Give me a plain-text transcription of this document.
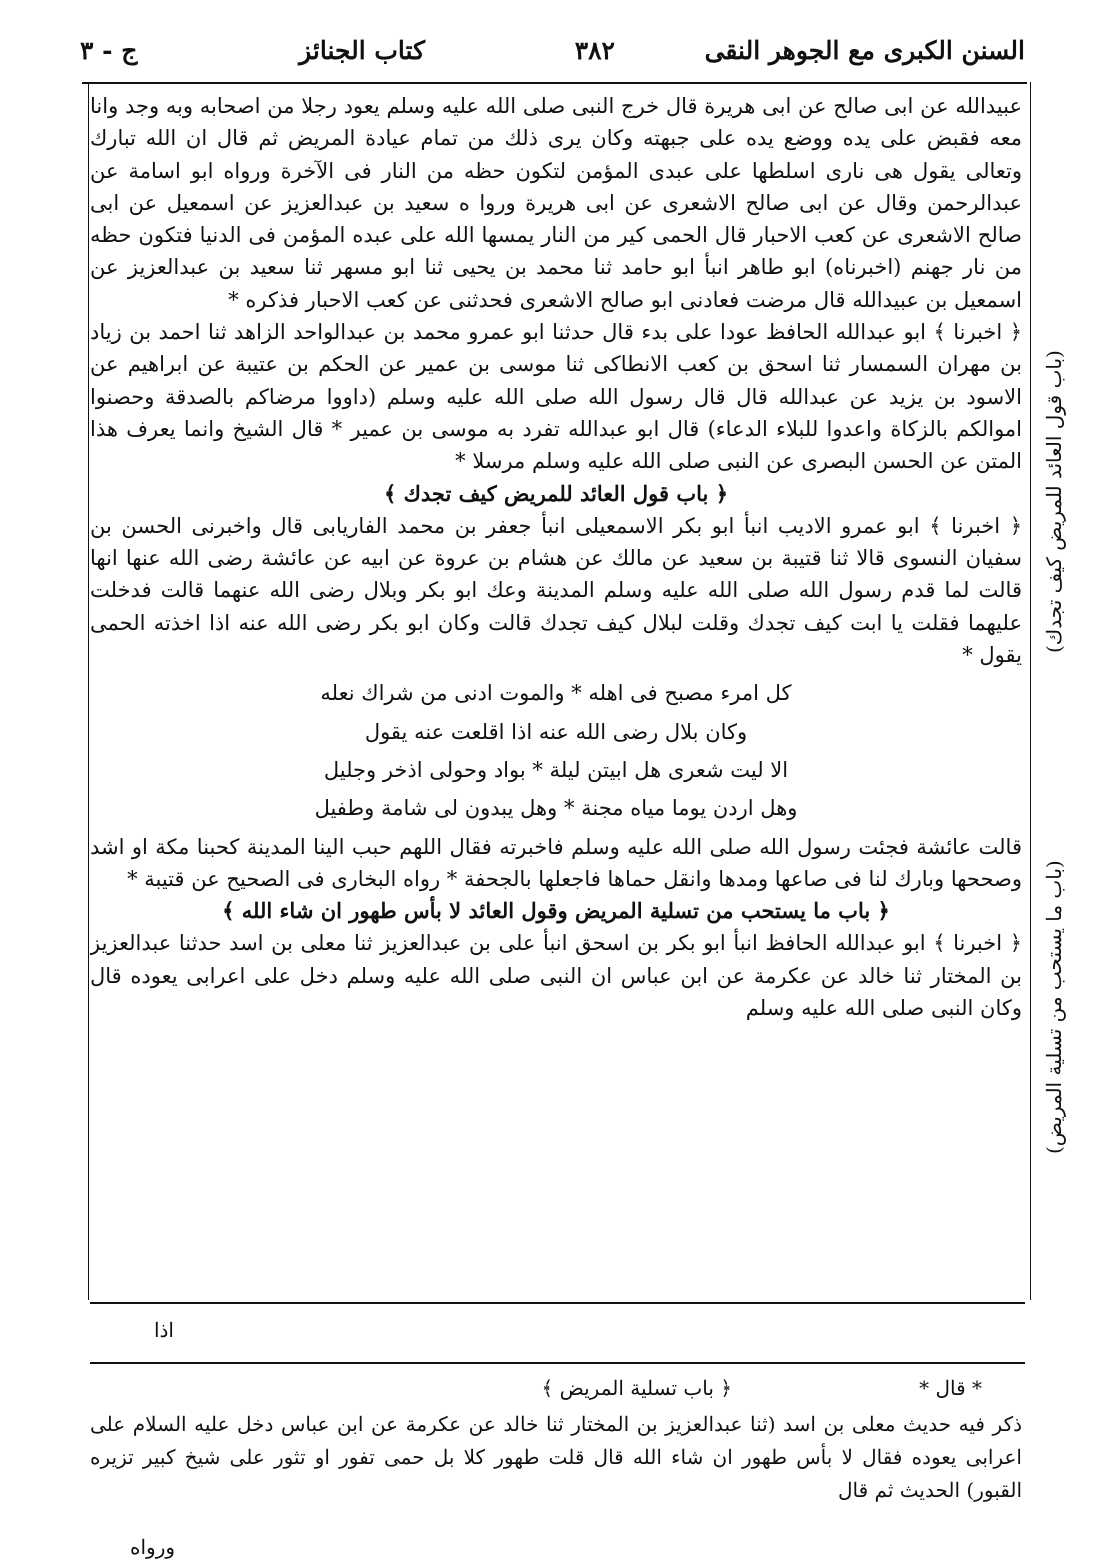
السنن الكبرى مع الجوهر النقى
٣٨٢
كتاب الجنائز
ج - ٣

عبيدالله عن ابى صالح عن ابى هريرة قال خرج النبى صلى الله عليه وسلم يعود رجلا من اصحابه وبه وجد وانا معه فقبض على يده ووضع يده على جبهته وكان يرى ذلك من تمام عيادة المريض ثم قال ان الله تبارك وتعالى يقول هى نارى اسلطها على عبدى المؤمن لتكون حظه من النار فى الآخرة ورواه ابو اسامة عن عبدالرحمن وقال عن ابى صالح الاشعرى عن ابى هريرة وروا ه سعيد بن عبدالعزيز عن اسمعيل عن ابى صالح الاشعرى عن كعب الاحبار قال الحمى كير من النار يمسها الله على عبده المؤمن فى الدنيا فتكون حظه من نار جهنم (اخبرناه) ابو طاهر انبأ ابو حامد ثنا محمد بن يحيى ثنا ابو مسهر ثنا سعيد بن عبدالعزيز عن اسمعيل بن عبيدالله قال مرضت فعادنى ابو صالح الاشعرى فحدثنى عن كعب الاحبار فذكره *

﴿ اخبرنا ﴾ ابو عبدالله الحافظ عودا على بدء قال حدثنا ابو عمرو محمد بن عبدالواحد الزاهد ثنا احمد بن زياد بن مهران السمسار ثنا اسحق بن كعب الانطاكى ثنا موسى بن عمير عن الحكم بن عتيبة عن ابراهيم عن الاسود بن يزيد عن عبدالله قال قال رسول الله صلى الله عليه وسلم (داووا مرضاكم بالصدقة وحصنوا اموالكم بالزكاة واعدوا للبلاء الدعاء) قال ابو عبدالله تفرد به موسى بن عمير * قال الشيخ وانما يعرف هذا المتن عن الحسن البصرى عن النبى صلى الله عليه وسلم مرسلا *

﴿ باب قول العائد للمريض كيف تجدك ﴾

﴿ اخبرنا ﴾ ابو عمرو الاديب انبأ ابو بكر الاسمعيلى انبأ جعفر بن محمد الفاريابى قال واخبرنى الحسن بن سفيان النسوى قالا ثنا قتيبة بن سعيد عن مالك عن هشام بن عروة عن ابيه عن عائشة رضى الله عنها انها قالت لما قدم رسول الله صلى الله عليه وسلم المدينة وعك ابو بكر وبلال رضى الله عنهما قالت فدخلت عليهما فقلت يا ابت كيف تجدك وقلت لبلال كيف تجدك قالت وكان ابو بكر رضى الله عنه اذا اخذته الحمى يقول *

كل امرء مصبح فى اهله * والموت ادنى من شراك نعله

وكان بلال رضى الله عنه اذا اقلعت عنه يقول

الا ليت شعرى هل ابيتن ليلة * بواد وحولى اذخر وجليل

وهل اردن يوما مياه مجنة * وهل يبدون لى شامة وطفيل

قالت عائشة فجئت رسول الله صلى الله عليه وسلم فاخبرته فقال اللهم حبب الينا المدينة كحبنا مكة او اشد وصححها وبارك لنا فى صاعها ومدها وانقل حماها فاجعلها بالجحفة * رواه البخارى فى الصحيح عن قتيبة *

﴿ باب ما يستحب من تسلية المريض وقول العائد لا بأس طهور ان شاء الله ﴾

﴿ اخبرنا ﴾ ابو عبدالله الحافظ انبأ ابو بكر بن اسحق انبأ على بن عبدالعزيز ثنا معلى بن اسد حدثنا عبدالعزيز بن المختار ثنا خالد عن عكرمة عن ابن عباس ان النبى صلى الله عليه وسلم دخل على اعرابى يعوده قال وكان النبى صلى الله عليه وسلم

(باب قول العائد للمريض كيف تجدك)
(باب ما يستحب من تسلية المريض)
اذا
* قال *
﴿ باب تسلية المريض ﴾

ذكر فيه حديث معلى بن اسد (ثنا عبدالعزيز بن المختار ثنا خالد عن عكرمة عن ابن عباس دخل عليه السلام على اعرابى يعوده فقال لا بأس طهور ان شاء الله قال قلت طهور كلا بل حمى تفور او تثور على شيخ كبير تزيره القبور) الحديث ثم قال

ورواه
